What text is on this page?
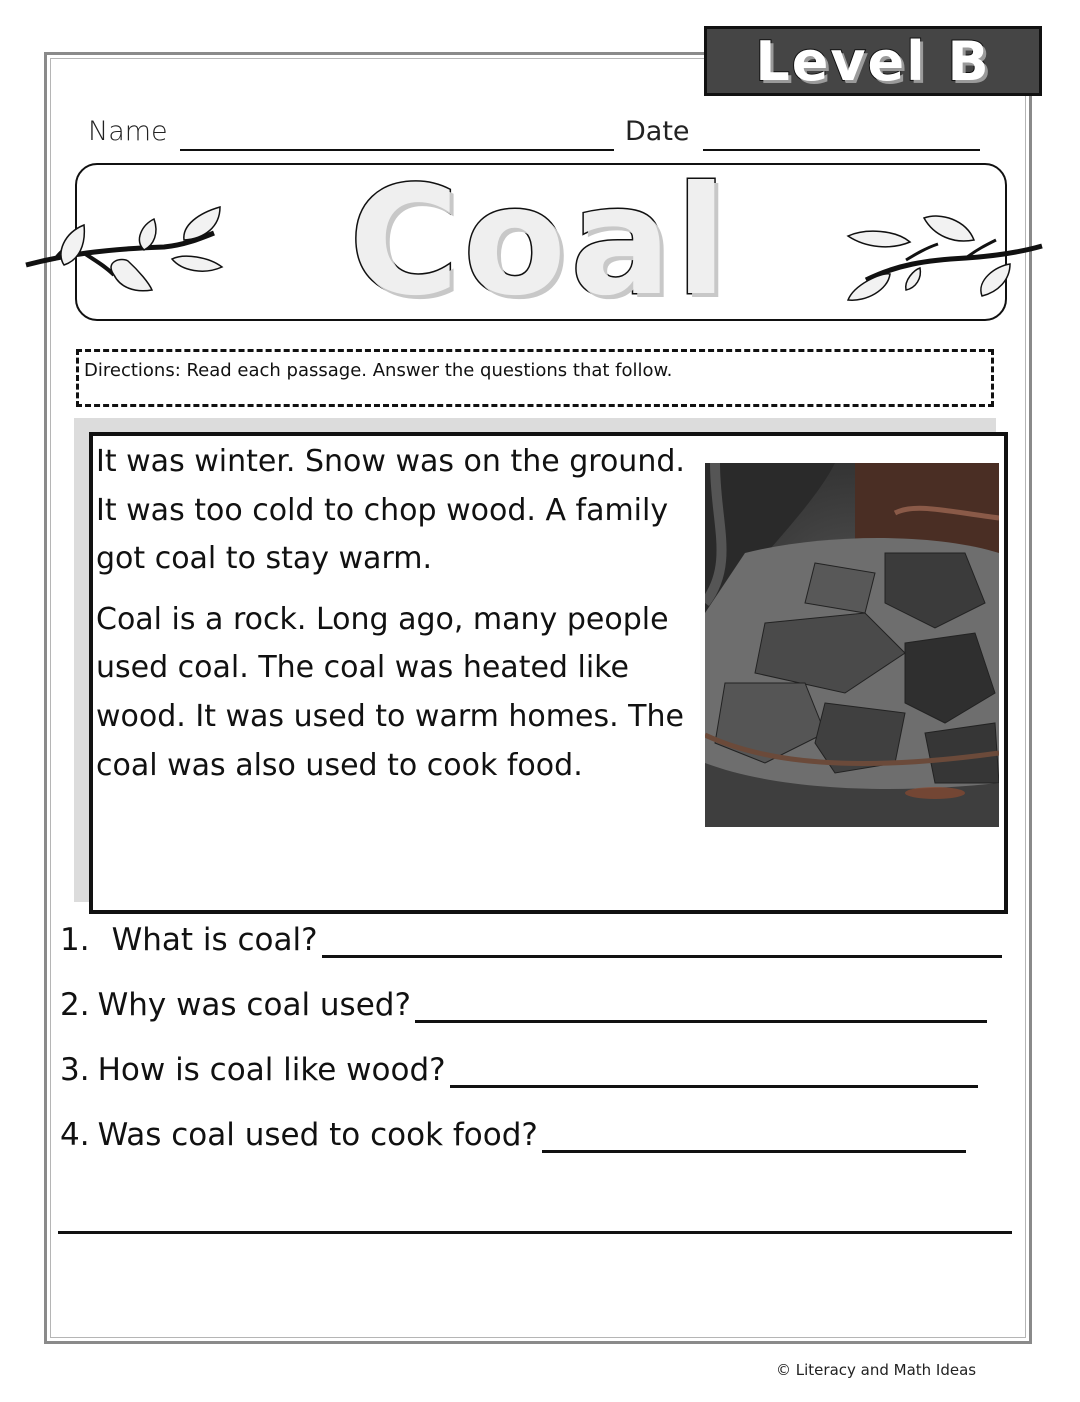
Level B
Name	Date
Coal
Directions: Read each passage. Answer the questions that follow.

It was winter. Snow was on the ground. It was too cold to chop wood. A family got coal to stay warm.

Coal is a rock. Long ago, many people used coal. The coal was heated like wood. It was used to warm homes. The coal was also used to cook food.

1. What is coal?
2. Why was coal used?
3. How is coal like wood?
4. Was coal used to cook food?
© Literacy and Math Ideas
